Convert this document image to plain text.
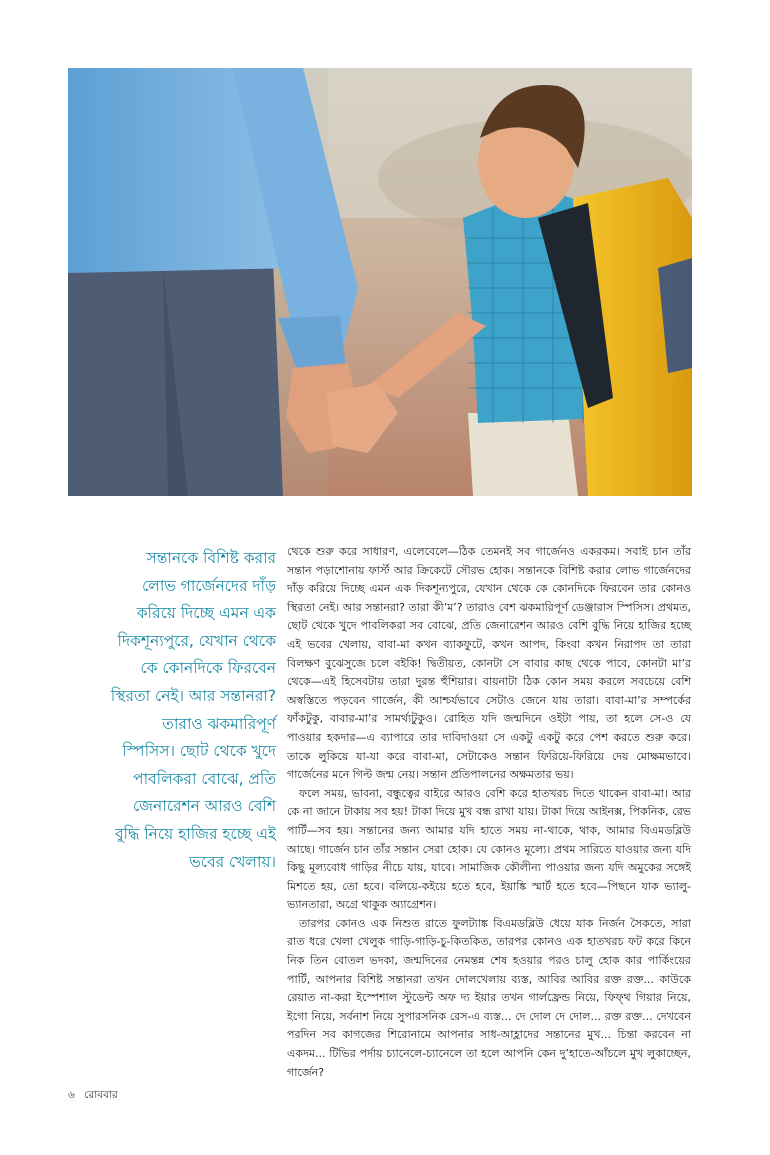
সন্তানকে বিশিষ্ট করার লোভ গার্জেনদের দাঁড় করিয়ে দিচ্ছে এমন এক দিকশূন্যপুরে, যেখান থেকে কে কোনদিকে ফিরবেন স্থিরতা নেই। আর সন্তানরা? তারাও ঝকমারিপূর্ণ স্পিসিস। ছোট থেকে খুদে পাবলিকরা বোঝে, প্রতি জেনারেশন আরও বেশি বুদ্ধি নিয়ে হাজির হচ্ছে এই ভবের খেলায়।

থেকে শুরু করে সাধারণ, এলেবেলে—ঠিক তেমনই সব গার্জেনও একরকম। সবাই চান তাঁর সন্তান পড়াশোনায় ফার্স্ট আর ক্রিকেটে সৌরভ হোক। সন্তানকে বিশিষ্ট করার লোভ গার্জেনদের দাঁড় করিয়ে দিচ্ছে এমন এক দিকশূন্যপুরে, যেখান থেকে কে কোনদিকে ফিরবেন তার কোনও স্থিরতা নেই। আর সন্তানরা? তারা কী’ম’? তারাও বেশ ঝকমারিপূর্ণ ডেঞ্জারাস স্পিসিস। প্রথমত, ছোট থেকে খুদে পাবলিকরা সব বোঝে, প্রতি জেনারেশন আরও বেশি বুদ্ধি নিয়ে হাজির হচ্ছে এই ভবের খেলায়, বাবা-মা কখন ব্যাকফুটে, কখন আপদ, কিংবা কখন নিরাপদ তা তারা বিলক্ষণ বুঝেসুজে চলে বইকি! দ্বিতীয়ত, কোনটা সে বাবার কাছ থেকে পাবে, কোনটা মা’র থেকে—এই হিসেবটায় তারা দুরন্ত হুঁশিয়ার। বায়নাটা ঠিক কোন সময় করলে সবচেয়ে বেশি অস্বস্তিতে পড়বেন গার্জেন, কী আশ্চর্যভাবে সেটাও জেনে যায় তারা। বাবা-মা’র সম্পর্কের ফাঁকটুকু, বাবার-মা’র সামর্থ্যটুকুও। রোহিত যদি জন্মদিনে ওইটা পায়, তা হলে সে-ও যে পাওয়ার হকদার—এ ব্যাপারে তার দাবিদাওয়া সে একটু একটু করে পেশ করতে শুরু করে। তাকে লুকিয়ে যা-যা করে বাবা-মা, সেটাকেও সন্তান ফিরিয়ে-ফিরিয়ে দেয় মোক্ষমভাবে। গার্জেনের মনে গিল্ট জন্ম নেয়। সন্তান প্রতিপালনের অক্ষমতার ভয়।

ফলে সময়, ভাবনা, বন্ধুত্বের বাইরে আরও বেশি করে হাতখরচ দিতে থাকেন বাবা-মা। আর কে না জানে টাকায় সব হয়! টাকা দিয়ে মুখ বন্ধ রাখা যায়। টাকা দিয়ে আইনক্স, পিকনিক, রেভ পার্টি—সব হয়। সন্তানের জন্য আমার যদি হাতে সময় না-থাকে, থাক, আমার বিএমডব্লিউ আছে। গার্জেন চান তাঁর সন্তান সেরা হোক। যে কোনও মূল্যে। প্রথম সারিতে যাওয়ার জন্য যদি কিছু মূল্যবোধ গাড়ির নীচে যায়, যাবে। সামাজিক কৌলীন্য পাওয়ার জন্য যদি অমুকের সঙ্গেই মিশতে হয়, তো হবে। বলিয়ে-কইয়ে হতে হবে, ইয়াঙ্কি স্মার্ট হতে হবে—পিছনে যাক ভ্যালু-ভ্যানতারা, অগ্রে থাকুক অ্যাগ্রেশন।

তারপর কোনও এক নিশুত রাতে ফুলট্যাঙ্ক বিএমডব্লিউ ধেয়ে যাক নির্জন সৈকতে, সারা রাত ধরে খেলা খেলুক গাড়ি-গাড়ি-চু-কিতকিত, তারপর কোনও এক হাতখরচ ফট করে কিনে নিক তিন বোতল ভদকা, জন্মদিনের নেমন্তন্ন শেষ হওয়ার পরও চালু হোক কার পার্কিংয়ের পার্টি, আপনার বিশিষ্ট সন্তানরা তখন দোলখেলায় ব্যস্ত, আবির আবির রক্ত রক্ত... কাউকে রেয়াত না-করা ইস্পেশাল স্টুডেন্ট অফ দ্য ইয়ার তখন গার্লফ্রেন্ড নিয়ে, ফিফ্থ গিয়ার নিয়ে, ইগো নিয়ে, সর্বনাশ নিয়ে সুপারসনিক রেস-এ ব্যস্ত... দে দোল দে দোল... রক্ত রক্ত... দেখবেন পরদিন সব কাগজের শিরোনামে আপনার সাধ-আহ্লাদের সন্তানের মুখ... চিন্তা করবেন না একদম... টিভির পর্দায় চ্যানেলে-চ্যানেলে তা হলে আপনি কেন দু’হাতে-আঁচলে মুখ লুকাচ্ছেন, গার্জেন?

৬ রোববার
